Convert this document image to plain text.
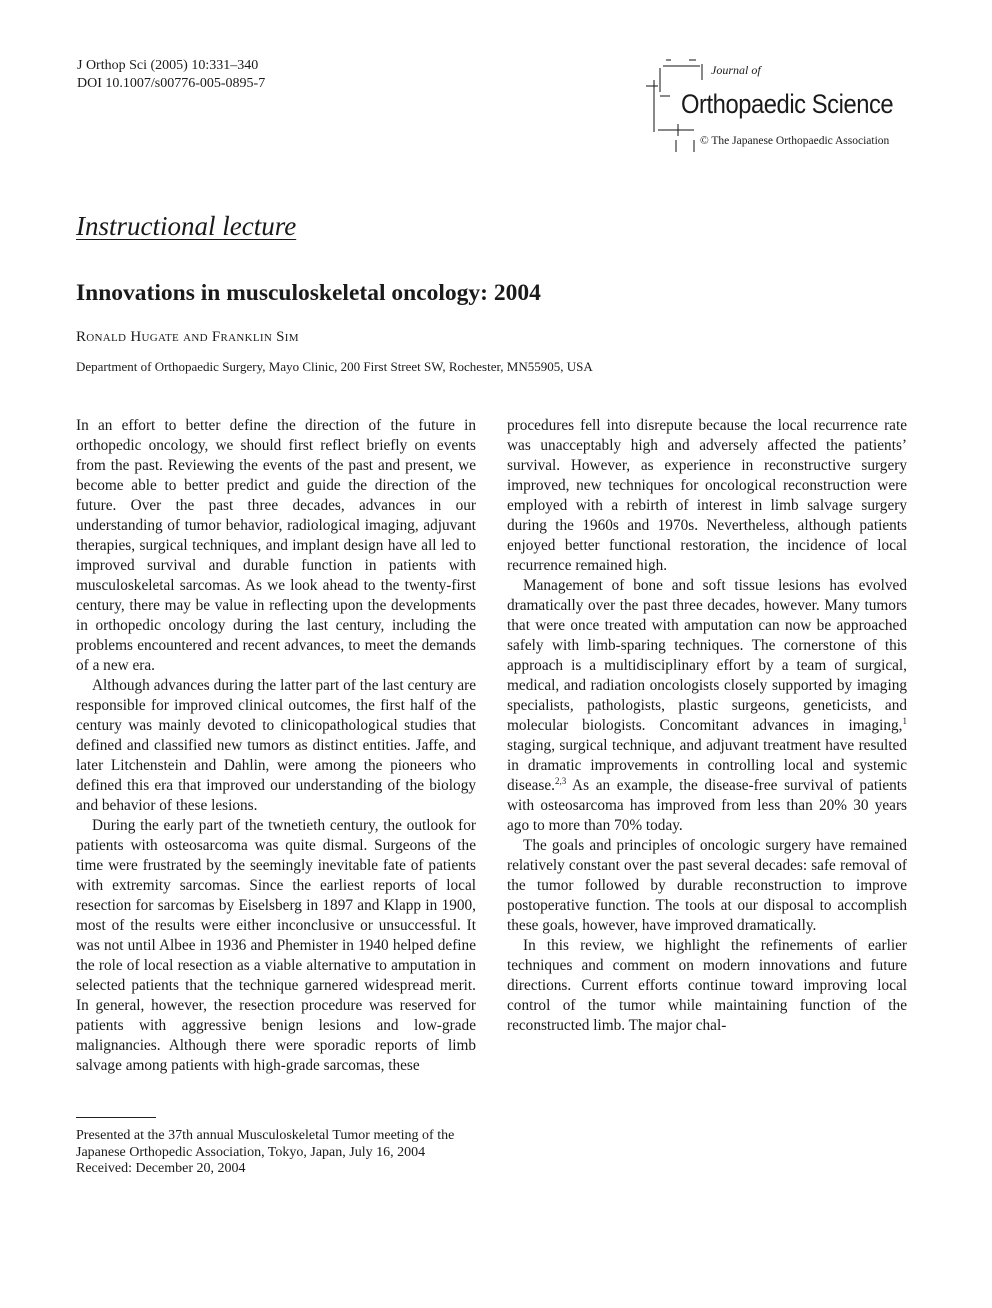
J Orthop Sci (2005) 10:331–340
DOI 10.1007/s00776-005-0895-7
Journal of
Orthopaedic Science
© The Japanese Orthopaedic Association
Instructional lecture
Innovations in musculoskeletal oncology: 2004
Ronald Hugate and Franklin Sim
Department of Orthopaedic Surgery, Mayo Clinic, 200 First Street SW, Rochester, MN55905, USA

In an effort to better define the direction of the future in orthopedic oncology, we should first reflect briefly on events from the past. Reviewing the events of the past and present, we become able to better predict and guide the direction of the future. Over the past three decades, advances in our understanding of tumor behavior, radiological imaging, adjuvant therapies, surgical techniques, and implant design have all led to improved survival and durable function in patients with musculoskeletal sarcomas. As we look ahead to the twenty-first century, there may be value in reflecting upon the developments in orthopedic oncology during the last century, including the problems encountered and recent advances, to meet the demands of a new era.

Although advances during the latter part of the last century are responsible for improved clinical outcomes, the first half of the century was mainly devoted to clinicopathological studies that defined and classified new tumors as distinct entities. Jaffe, and later Litchenstein and Dahlin, were among the pioneers who defined this era that improved our understanding of the biology and behavior of these lesions.

During the early part of the twnetieth century, the outlook for patients with osteosarcoma was quite dismal. Surgeons of the time were frustrated by the seemingly inevitable fate of patients with extremity sarcomas. Since the earliest reports of local resection for sarcomas by Eiselsberg in 1897 and Klapp in 1900, most of the results were either inconclusive or unsuccessful. It was not until Albee in 1936 and Phemister in 1940 helped define the role of local resection as a viable alternative to amputation in selected patients that the technique garnered widespread merit. In general, however, the resection procedure was reserved for patients with aggressive benign lesions and low-grade malignancies. Although there were sporadic reports of limb salvage among patients with high-grade sarcomas, these

procedures fell into disrepute because the local recurrence rate was unacceptably high and adversely affected the patients’ survival. However, as experience in reconstructive surgery improved, new techniques for oncological reconstruction were employed with a rebirth of interest in limb salvage surgery during the 1960s and 1970s. Nevertheless, although patients enjoyed better functional restoration, the incidence of local recurrence remained high.

Management of bone and soft tissue lesions has evolved dramatically over the past three decades, however. Many tumors that were once treated with amputation can now be approached safely with limb-sparing techniques. The cornerstone of this approach is a multidisciplinary effort by a team of surgical, medical, and radiation oncologists closely supported by imaging specialists, pathologists, plastic surgeons, geneticists, and molecular biologists. Concomitant advances in imaging,$^1$ staging, surgical technique, and adjuvant treatment have resulted in dramatic improvements in controlling local and systemic disease.$^{2,3}$ As an example, the disease-free survival of patients with osteosarcoma has improved from less than 20% 30 years ago to more than 70% today.

The goals and principles of oncologic surgery have remained relatively constant over the past several decades: safe removal of the tumor followed by durable reconstruction to improve postoperative function. The tools at our disposal to accomplish these goals, however, have improved dramatically.

In this review, we highlight the refinements of earlier techniques and comment on modern innovations and future directions. Current efforts continue toward improving local control of the tumor while maintaining function of the reconstructed limb. The major chal-

Presented at the 37th annual Musculoskeletal Tumor meeting of the Japanese Orthopedic Association, Tokyo, Japan, July 16, 2004

Received: December 20, 2004
